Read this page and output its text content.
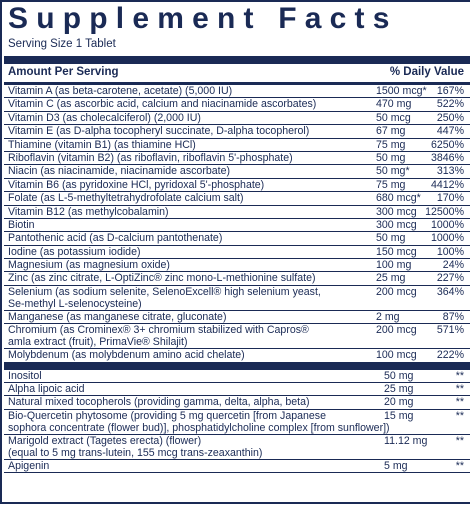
Supplement Facts
Serving Size 1 Tablet
Amount Per Serving	% Daily Value
Vitamin A (as beta-carotene, acetate) (5,000 IU)	1500 mcg* 167%
Vitamin C (as ascorbic acid, calcium and niacinamide ascorbates)	470 mg	522%
Vitamin D3 (as cholecalciferol) (2,000 IU)	50 mcg	250%
Vitamin E (as D-alpha tocopheryl succinate, D-alpha tocopherol)	67 mg	447%
Thiamine (vitamin B1) (as thiamine HCl)	75 mg	6250%
Riboflavin (vitamin B2) (as riboflavin, riboflavin 5'-phosphate)	50 mg	3846%
Niacin (as niacinamide, niacinamide ascorbate)	50 mg*	313%
Vitamin B6 (as pyridoxine HCl, pyridoxal 5'-phosphate)	75 mg	4412%
Folate (as L-5-methyltetrahydrofolate calcium salt)	680 mcg*	170%
Vitamin B12 (as methylcobalamin)	300 mcg 12500%
Biotin	300 mcg	1000%
Pantothenic acid (as D-calcium pantothenate)	50 mg	1000%
Iodine (as potassium iodide)	150 mcg	100%
Magnesium (as magnesium oxide)	100 mg	24%
Zinc (as zinc citrate, L-OptiZinc® zinc mono-L-methionine sulfate)	25 mg	227%
Selenium (as sodium selenite, SelenoExcell® high selenium yeast,
Se-methyl L-selenocysteine)
200 mcg	364%
Manganese (as manganese citrate, gluconate)	2 mg	87%
Chromium (as Crominex® 3+ chromium stabilized with Capros®
amla extract (fruit), PrimaVie® Shilajit)
200 mcg	571%
Molybdenum (as molybdenum amino acid chelate)	100 mcg	222%
Inositol	50 mg	**
Alpha lipoic acid	25 mg	**
Natural mixed tocopherols (providing gamma, delta, alpha, beta)	20 mg	**
Bio-Quercetin phytosome (providing 5 mg quercetin [from Japanese
sophora concentrate (flower bud)], phosphatidylcholine complex [from sunflower])
15 mg	**
Marigold extract (Tagetes erecta) (flower)
(equal to 5 mg trans-lutein, 155 mcg trans-zeaxanthin)
11.12 mg	**
Apigenin	5 mg	**
